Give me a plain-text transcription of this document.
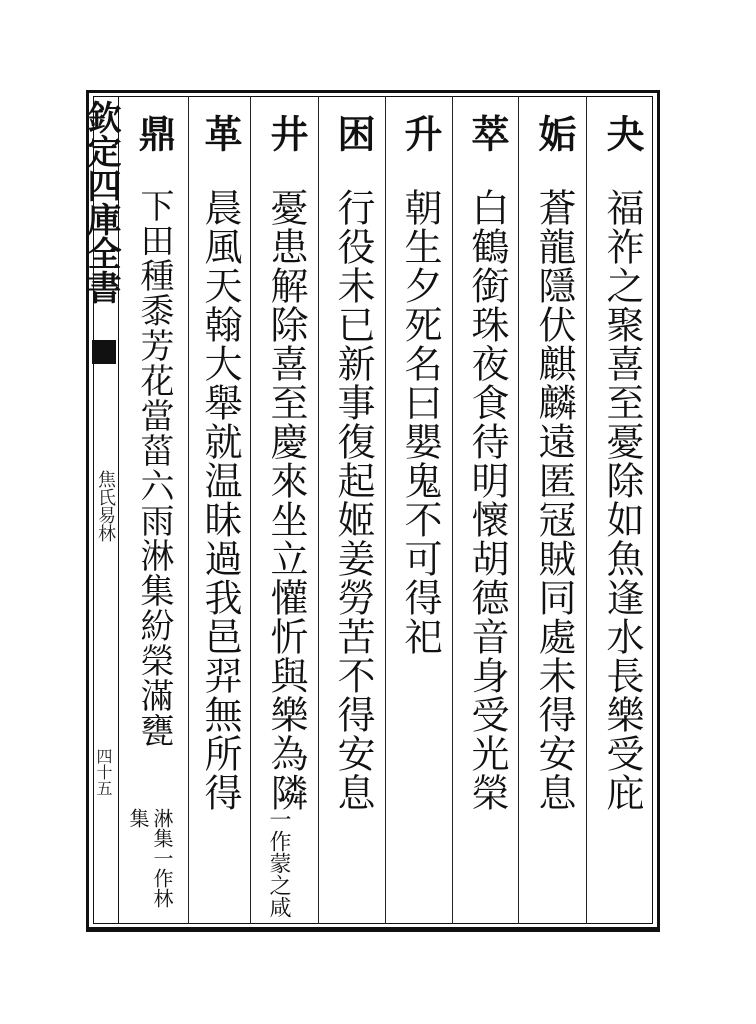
欽定四庫全書
焦氏易林
四十五
夬
福祚之聚喜至憂除如魚逢水長樂受庇
姤
蒼龍隱伏麒麟遠匿冦賊同處未得安息
萃
白鶴銜珠夜食待明懷胡德音身受光榮
升
朝生夕死名曰嬰鬼不可得祀
困
行役未已新事復起姬姜勞苦不得安息
井
憂患解除喜至慶來坐立懽忻與樂為隣
革
晨風天翰大舉就温昧過我邑羿無所得
鼎
下田種黍芳花當菑六雨淋集紛榮滿甕
一作蒙之咸
淋集一作林集
